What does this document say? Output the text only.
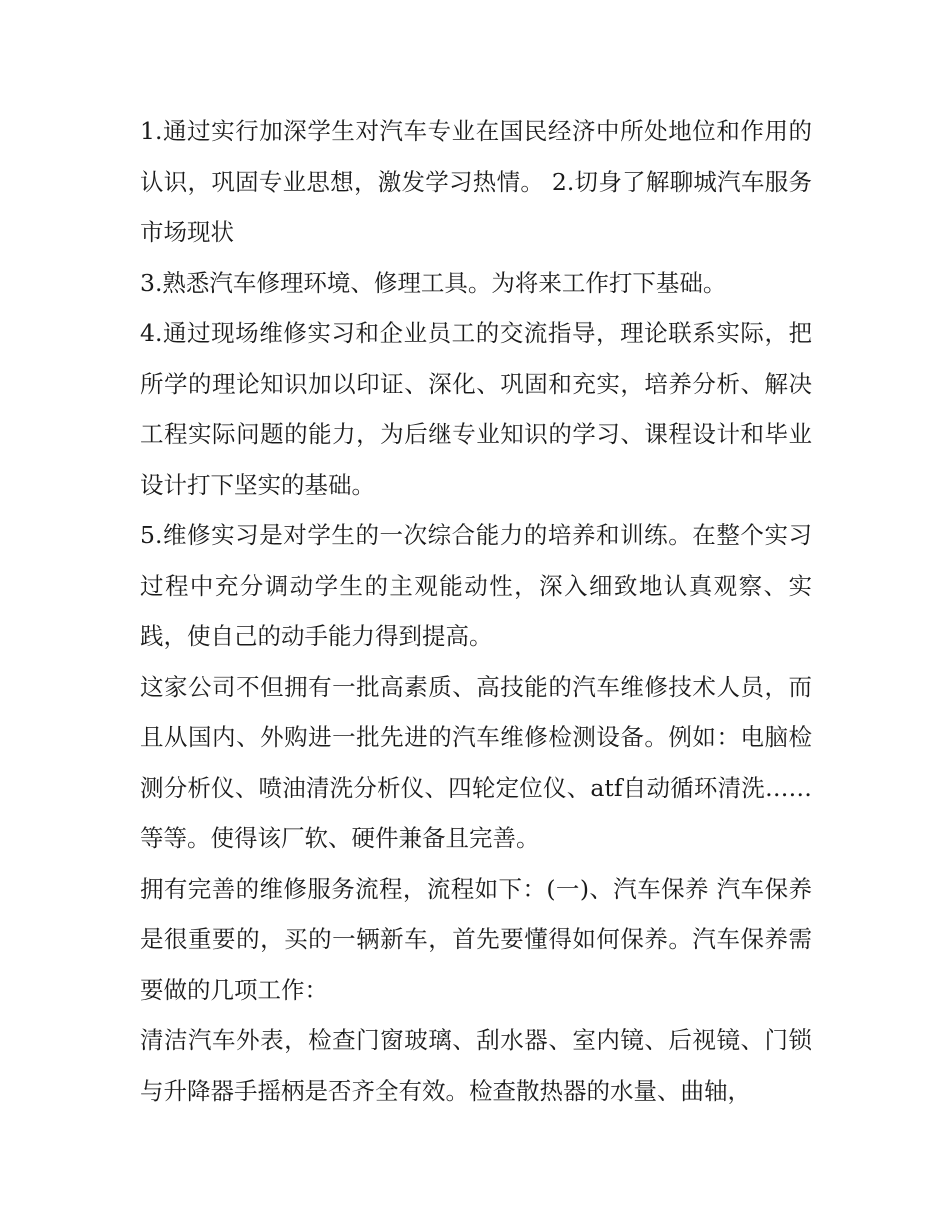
1.通过实行加深学生对汽车专业在国民经济中所处地位和作用的认识，巩固专业思想，激发学习热情。 2.切身了解聊城汽车服务市场现状

3.熟悉汽车修理环境、修理工具。为将来工作打下基础。

4.通过现场维修实习和企业员工的交流指导，理论联系实际，把所学的理论知识加以印证、深化、巩固和充实，培养分析、解决工程实际问题的能力，为后继专业知识的学习、课程设计和毕业设计打下坚实的基础。

5.维修实习是对学生的一次综合能力的培养和训练。在整个实习过程中充分调动学生的主观能动性，深入细致地认真观察、实践，使自己的动手能力得到提高。

这家公司不但拥有一批高素质、高技能的汽车维修技术人员，而且从国内、外购进一批先进的汽车维修检测设备。例如：电脑检测分析仪、喷油清洗分析仪、四轮定位仪、atf自动循环清洗……等等。使得该厂软、硬件兼备且完善。

拥有完善的维修服务流程，流程如下：(一)、汽车保养 汽车保养是很重要的，买的一辆新车，首先要懂得如何保养。汽车保养需要做的几项工作：

清洁汽车外表，检查门窗玻璃、刮水器、室内镜、后视镜、门锁与升降器手摇柄是否齐全有效。检查散热器的水量、曲轴，
